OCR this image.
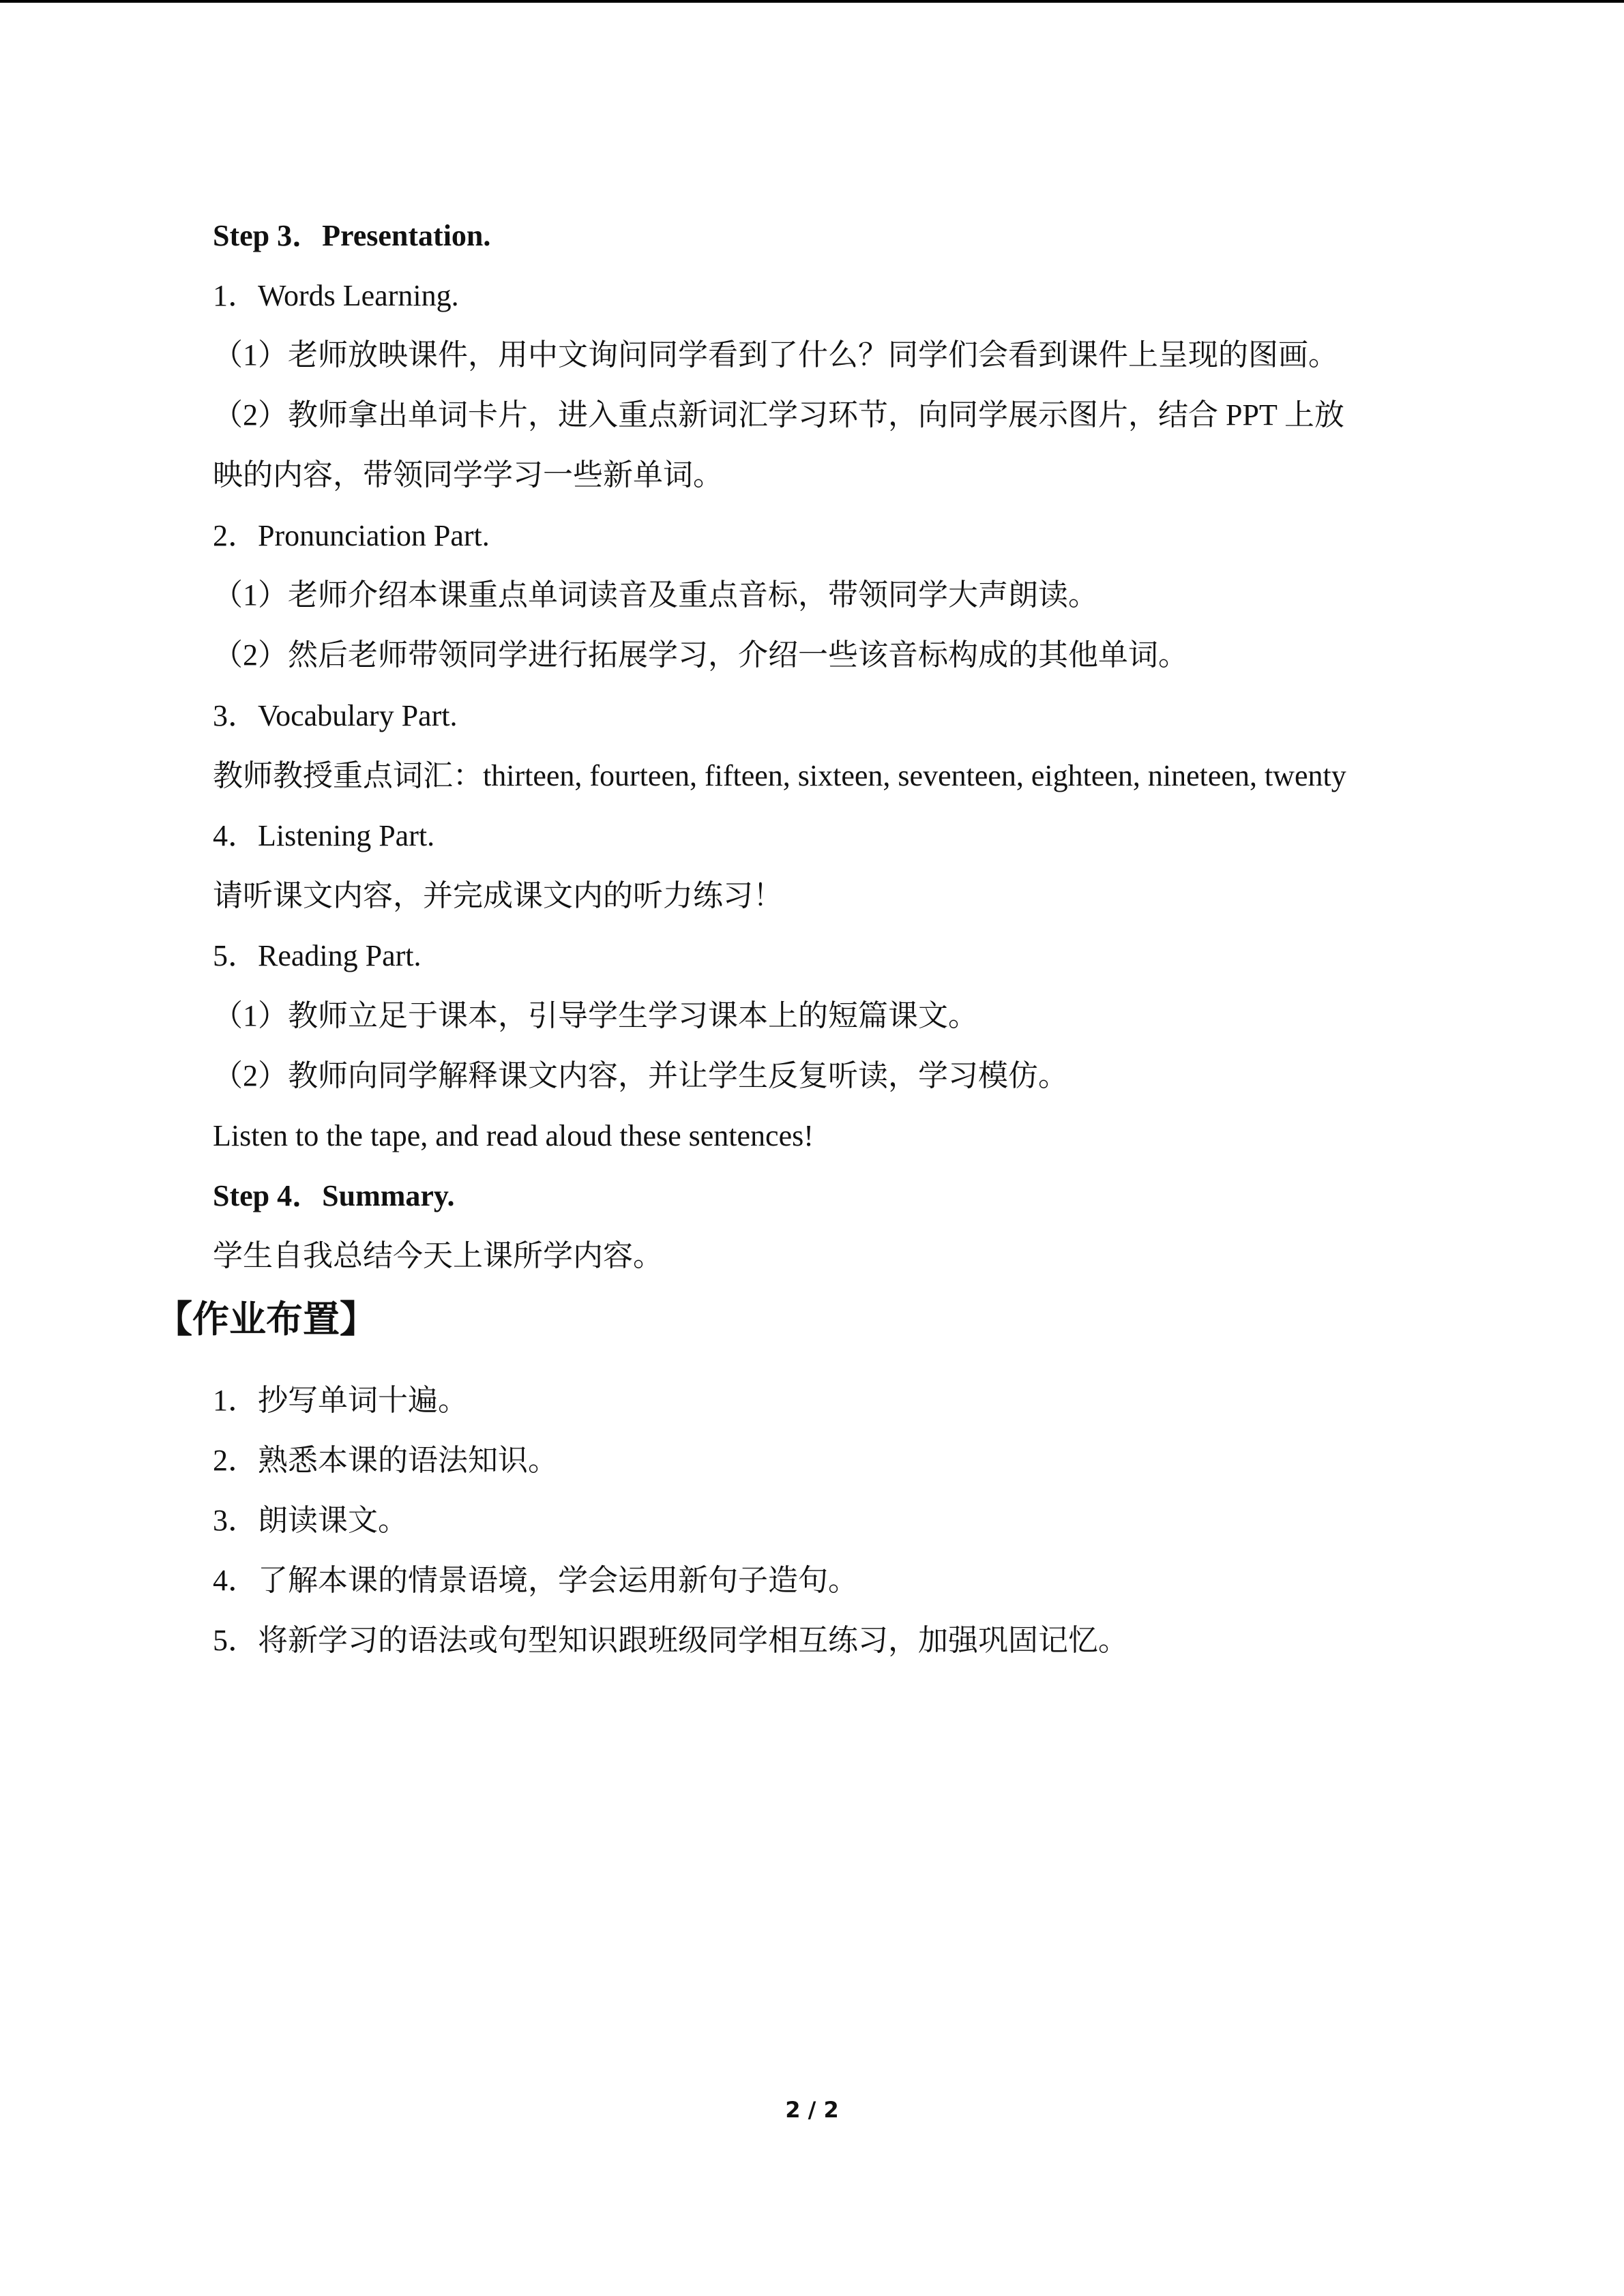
Step 3．Presentation.
1．Words Learning.
（1）老师放映课件，用中文询问同学看到了什么？同学们会看到课件上呈现的图画。
（2）教师拿出单词卡片，进入重点新词汇学习环节，向同学展示图片，结合 PPT 上放
映的内容，带领同学学习一些新单词。
2．Pronunciation Part.
（1）老师介绍本课重点单词读音及重点音标，带领同学大声朗读。
（2）然后老师带领同学进行拓展学习，介绍一些该音标构成的其他单词。
3．Vocabulary Part.
教师教授重点词汇：thirteen, fourteen, fifteen, sixteen, seventeen, eighteen, nineteen, twenty
4．Listening Part.
请听课文内容，并完成课文内的听力练习！
5．Reading Part.
（1）教师立足于课本，引导学生学习课本上的短篇课文。
（2）教师向同学解释课文内容，并让学生反复听读，学习模仿。
Listen to the tape, and read aloud these sentences!
Step 4．Summary.
学生自我总结今天上课所学内容。
【作业布置】
1．抄写单词十遍。
2．熟悉本课的语法知识。
3．朗读课文。
4．了解本课的情景语境，学会运用新句子造句。
5．将新学习的语法或句型知识跟班级同学相互练习，加强巩固记忆。
2 / 2
